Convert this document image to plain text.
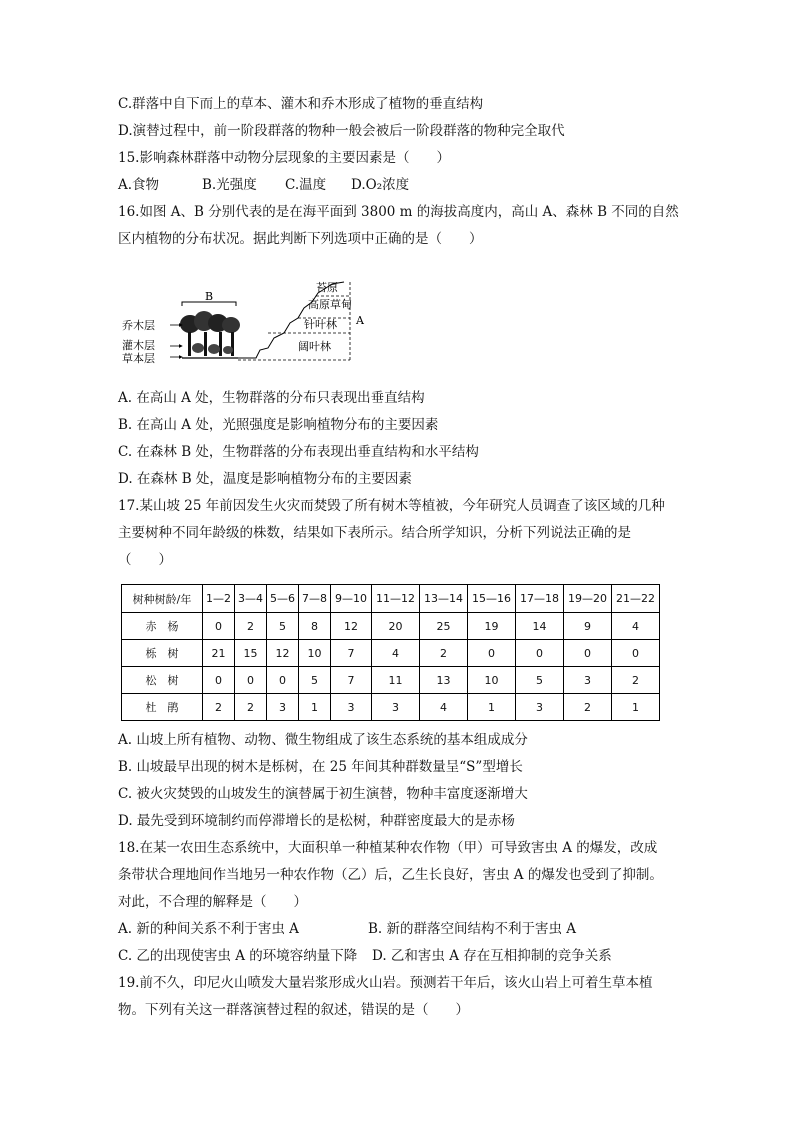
C.群落中自下而上的草本、灌木和乔木形成了植物的垂直结构
D.演替过程中，前一阶段群落的物种一般会被后一阶段群落的物种完全取代
15.影响森林群落中动物分层现象的主要因素是（　　）
A.食物	B.光强度 C.温度 D.O₂浓度
16.如图 A、B 分别代表的是在海平面到 3800 m 的海拔高度内，高山 A、森林 B 不同的自然
区内植物的分布状况。据此判断下列选项中正确的是（　　）
B
乔木层
灌木层
草本层
A
苔原
高原草甸
针叶林
阔叶林
A. 在高山 A 处，生物群落的分布只表现出垂直结构
B. 在高山 A 处，光照强度是影响植物分布的主要因素
C. 在森林 B 处，生物群落的分布表现出垂直结构和水平结构
D. 在森林 B 处，温度是影响植物分布的主要因素
17.某山坡 25 年前因发生火灾而焚毁了所有树木等植被，今年研究人员调查了该区域的几种
主要树种不同年龄级的株数，结果如下表所示。结合所学知识，分析下列说法正确的是
（　　）
树种树龄/年	1—2	3—4	5—6	7—8	9—10	11—12	13—14	15—16	17—18	19—20	21—22
赤　杨	0	2	5	8	12	20	25	19	14	9	4
栎　树	21	15	12	10	7	4	2	0	0	0	0
松　树	0	0	0	5	7	11	13	10	5	3	2
杜　鹃	2	2	3	1	3	3	4	1	3	2	1
A. 山坡上所有植物、动物、微生物组成了该生态系统的基本组成成分
B. 山坡最早出现的树木是栎树，在 25 年间其种群数量呈“S”型增长
C. 被火灾焚毁的山坡发生的演替属于初生演替，物种丰富度逐渐增大
D. 最先受到环境制约而停滞增长的是松树，种群密度最大的是赤杨
18.在某一农田生态系统中，大面积单一种植某种农作物（甲）可导致害虫 A 的爆发，改成
条带状合理地间作当地另一种农作物（乙）后，乙生长良好，害虫 A 的爆发也受到了抑制。
对此，不合理的解释是（　　）
A. 新的种间关系不利于害虫 A	B. 新的群落空间结构不利于害虫 A
C. 乙的出现使害虫 A 的环境容纳量下降 D. 乙和害虫 A 存在互相抑制的竞争关系
19.前不久，印尼火山喷发大量岩浆形成火山岩。预测若干年后，该火山岩上可着生草本植
物。下列有关这一群落演替过程的叙述，错误的是（　　）
